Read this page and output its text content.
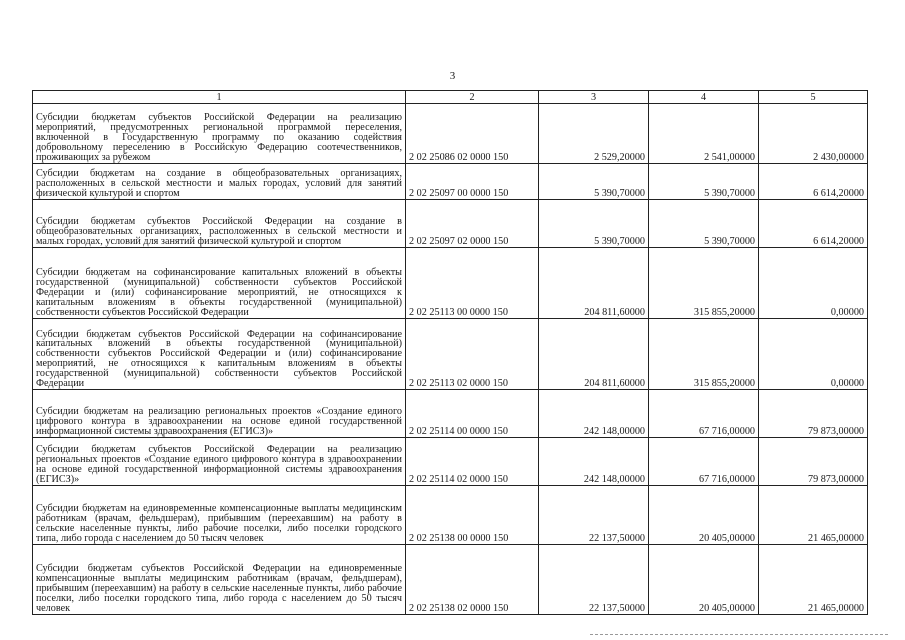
3
1	2	3	4	5
Субсидии бюджетам субъектов Российской Федерации на реализацию мероприятий, предусмотренных региональной программой переселения, включенной в Государственную программу по оказанию содействия добровольному переселению в Российскую Федерацию соотечественников, проживающих за рубежом	2 02 25086 02 0000 150	2 529,20000	2 541,00000	2 430,00000
Субсидии бюджетам на создание в общеобразовательных организациях, расположенных в сельской местности и малых городах, условий для занятий физической культурой и спортом	2 02 25097 00 0000 150	5 390,70000	5 390,70000	6 614,20000
Субсидии бюджетам субъектов Российской Федерации на создание в общеобразовательных организациях, расположенных в сельской местности и малых городах, условий для занятий физической культурой и спортом	2 02 25097 02 0000 150	5 390,70000	5 390,70000	6 614,20000
Субсидии бюджетам на софинансирование капитальных вложений в объекты государственной (муниципальной) собственности субъектов Российской Федерации и (или) софинансирование мероприятий, не относящихся к капитальным вложениям в объекты государственной (муниципальной) собственности субъектов Российской Федерации	2 02 25113 00 0000 150	204 811,60000	315 855,20000	0,00000
Субсидии бюджетам субъектов Российской Федерации на софинансирование капитальных вложений в объекты государственной (муниципальной) собственности субъектов Российской Федерации и (или) софинансирование мероприятий, не относящихся к капитальным вложениям в объекты государственной (муниципальной) собственности субъектов Российской Федерации	2 02 25113 02 0000 150	204 811,60000	315 855,20000	0,00000
Субсидии бюджетам на реализацию региональных проектов «Создание единого цифрового контура в здравоохранении на основе единой государственной информационной системы здравоохранения (ЕГИСЗ)»	2 02 25114 00 0000 150	242 148,00000	67 716,00000	79 873,00000
Субсидии бюджетам субъектов Российской Федерации на реализацию региональных проектов «Создание единого цифрового контура в здравоохранении на основе единой государственной информационной системы здравоохранения (ЕГИСЗ)»	2 02 25114 02 0000 150	242 148,00000	67 716,00000	79 873,00000
Субсидии бюджетам на единовременные компенсационные выплаты медицинским работникам (врачам, фельдшерам), прибывшим (переехавшим) на работу в сельские населенные пункты, либо рабочие поселки, либо поселки городского типа, либо города с населением до 50 тысяч человек	2 02 25138 00 0000 150	22 137,50000	20 405,00000	21 465,00000
Субсидии бюджетам субъектов Российской Федерации на единовременные компенсационные выплаты медицинским работникам (врачам, фельдшерам), прибывшим (переехавшим) на работу в сельские населенные пункты, либо рабочие поселки, либо поселки городского типа, либо города с населением до 50 тысяч человек	2 02 25138 02 0000 150	22 137,50000	20 405,00000	21 465,00000
